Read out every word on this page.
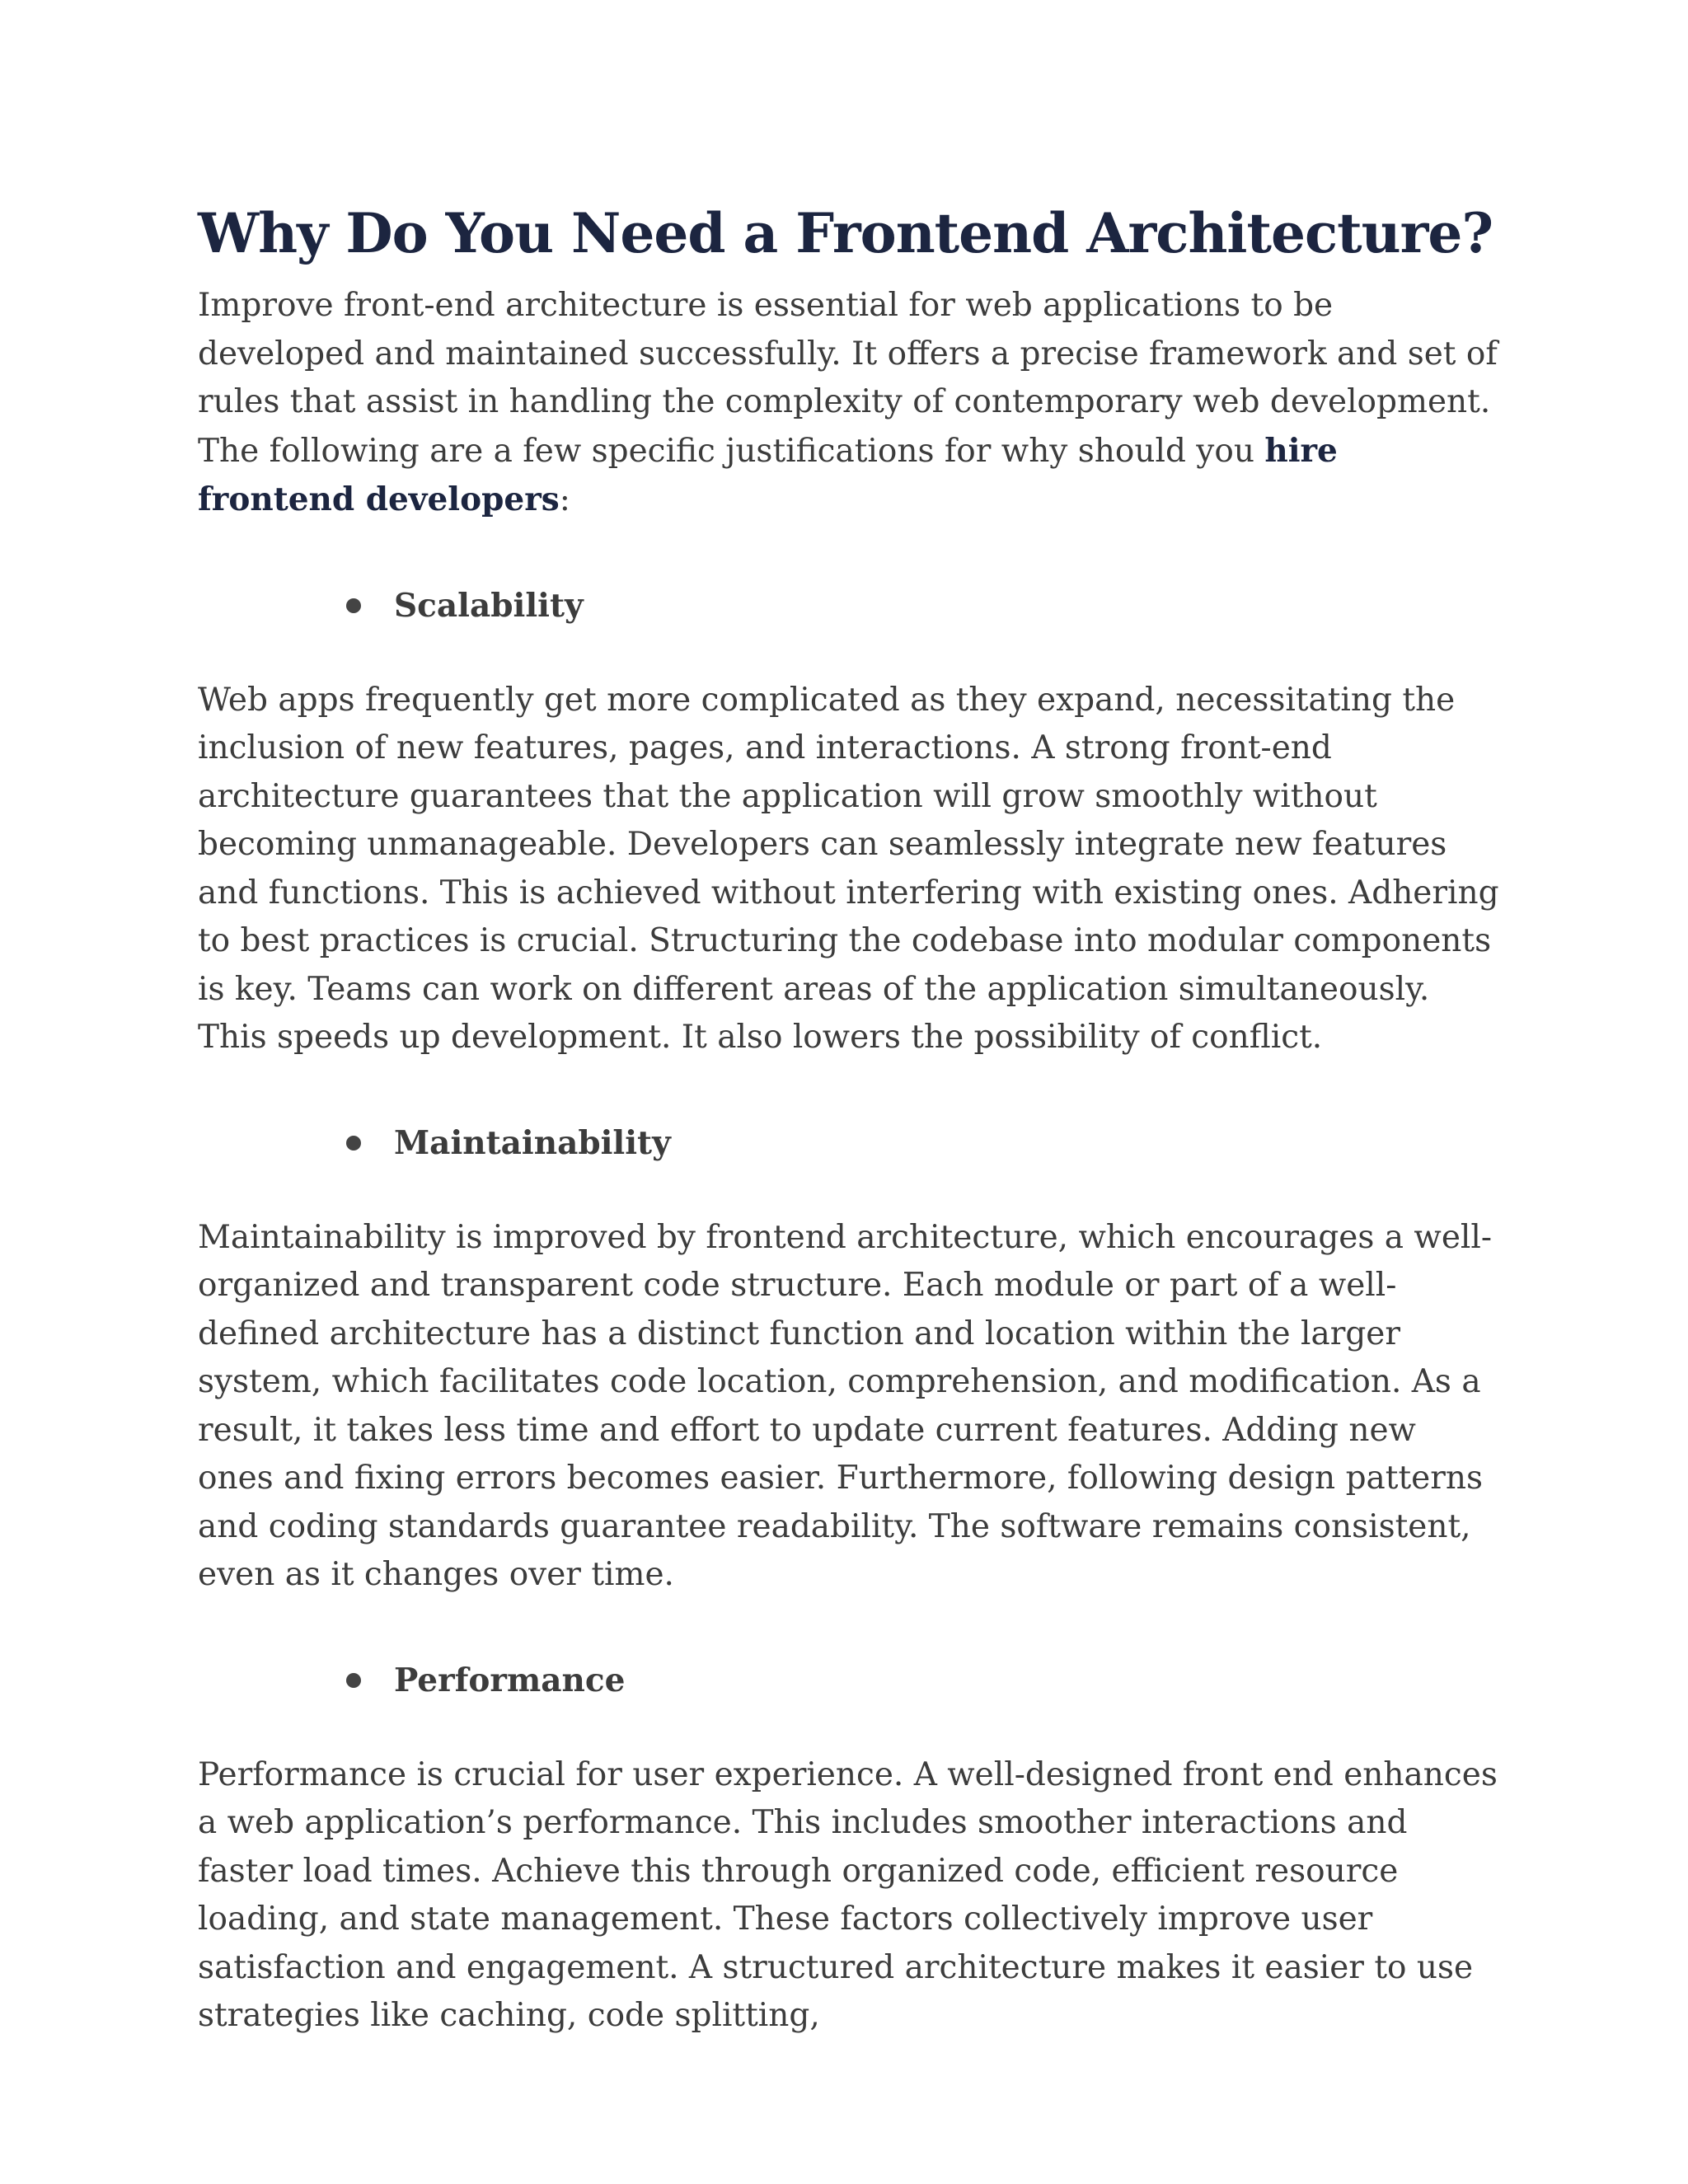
Why Do You Need a Frontend Architecture?

Improve front-end architecture is essential for web applications to be developed and maintained successfully. It offers a precise framework and set of rules that assist in handling the complexity of contemporary web development. The following are a few specific justifications for why should you hire frontend developers:

Scalability

Web apps frequently get more complicated as they expand, necessitating the inclusion of new features, pages, and interactions. A strong front-end architecture guarantees that the application will grow smoothly without becoming unmanageable. Developers can seamlessly integrate new features and functions. This is achieved without interfering with existing ones. Adhering to best practices is crucial. Structuring the codebase into modular components is key. Teams can work on different areas of the application simultaneously. This speeds up development. It also lowers the possibility of conflict.

Maintainability

Maintainability is improved by frontend architecture, which encourages a well-organized and transparent code structure. Each module or part of a well-defined architecture has a distinct function and location within the larger system, which facilitates code location, comprehension, and modification. As a result, it takes less time and effort to update current features. Adding new ones and fixing errors becomes easier. Furthermore, following design patterns and coding standards guarantee readability. The software remains consistent, even as it changes over time.

Performance

Performance is crucial for user experience. A well-designed front end enhances a web application’s performance. This includes smoother interactions and faster load times. Achieve this through organized code, efficient resource loading, and state management. These factors collectively improve user satisfaction and engagement. A structured architecture makes it easier to use strategies like caching, code splitting,
